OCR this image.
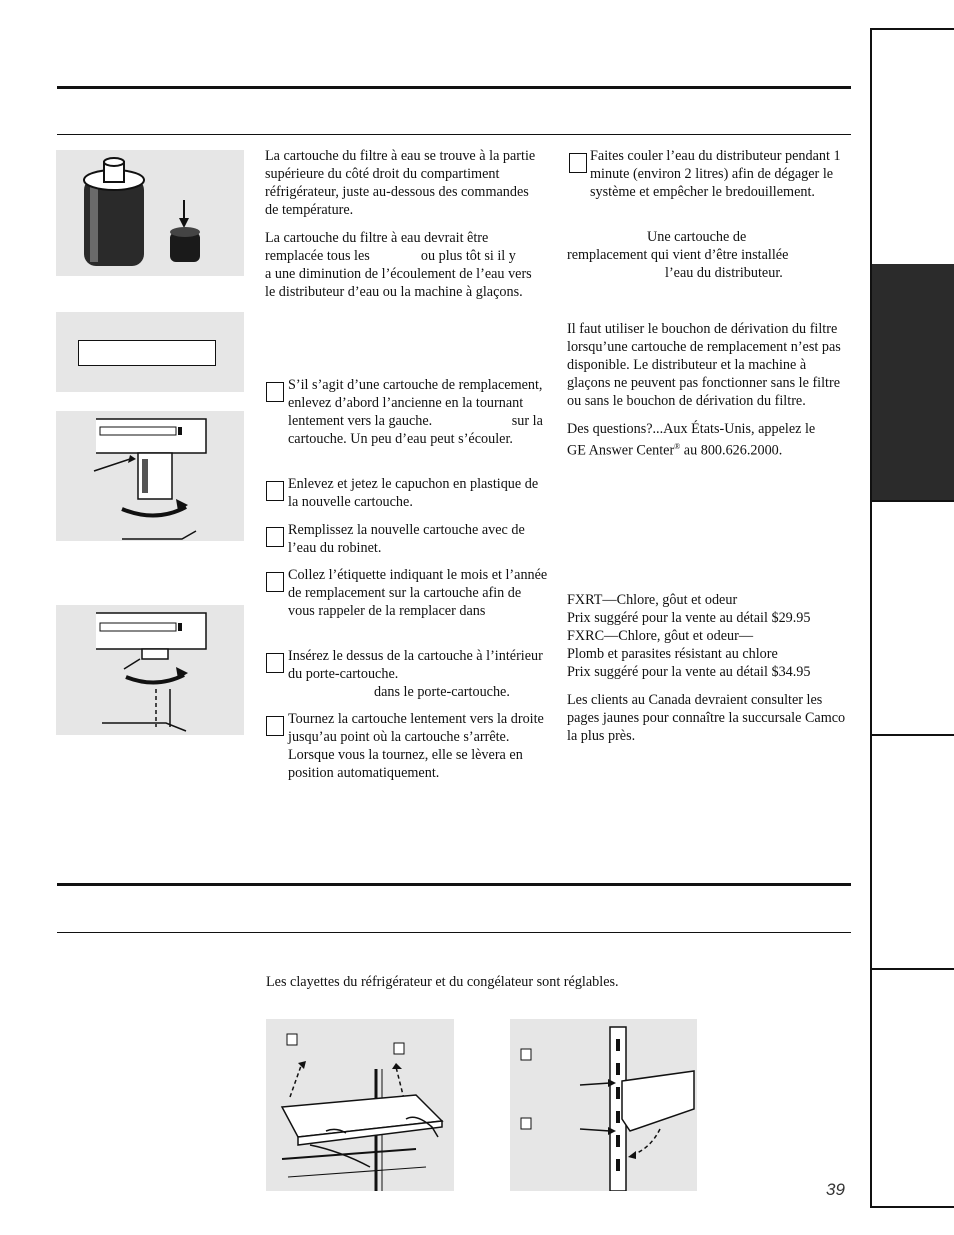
La cartouche du filtre à eau se trouve à la partie supérieure du côté droit du compartiment réfrigérateur, juste au-dessous des commandes de température.

La cartouche du filtre à eau devrait être
remplacée tous les	ou plus tôt si il y
a une diminution de l’écoulement de l’eau vers le distributeur d’eau ou la machine à glaçons.

S’il s’agit d’une cartouche de remplacement, enlevez d’abord l’ancienne en la tournant lentement vers la gauche.	sur la cartouche. Un peu d’eau peut s’écouler.
Enlevez et jetez le capuchon en plastique de la nouvelle cartouche.
Remplissez la nouvelle cartouche avec de l’eau du robinet.
Collez l’étiquette indiquant le mois et l’année de remplacement sur la cartouche afin de vous rappeler de la remplacer dans
Insérez le dessus de la cartouche à l’intérieur du porte-cartouche.
dans le porte-cartouche.
Tournez la cartouche lentement vers la droite jusqu’au point où la cartouche s’arrête.
Lorsque vous la tournez, elle se lèvera en position automatiquement.
Faites couler l’eau du distributeur pendant 1 minute (environ 2 litres) afin de dégager le système et empêcher le bredouillement.
Une cartouche de
remplacement qui vient d’être installée
l’eau du distributeur.

Il faut utiliser le bouchon de dérivation du filtre lorsqu’une cartouche de remplacement n’est pas disponible. Le distributeur et la machine à glaçons ne peuvent pas fonctionner sans le filtre ou sans le bouchon de dérivation du filtre.

Des questions?...Aux États-Unis, appelez le
GE Answer Center® au 800.626.2000.

FXRT—Chlore, gôut et odeur
Prix suggéré pour la vente au détail $29.95
FXRC—Chlore, gôut et odeur—
Plomb et parasites résistant au chlore
Prix suggéré pour la vente au détail $34.95
Les clients au Canada devraient consulter les pages jaunes pour connaître la succursale Camco la plus près.
Les clayettes du réfrigérateur et du congélateur sont réglables.
39
